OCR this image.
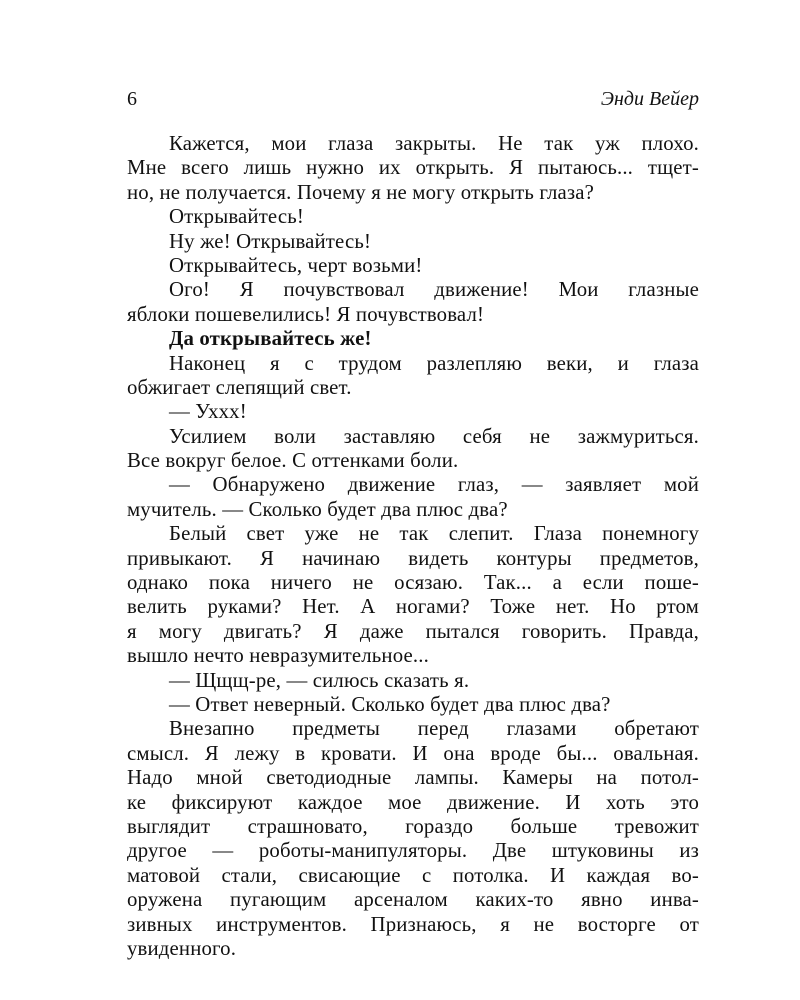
6	Энди Вейер
Кажется, мои глаза закрыты. Не так уж плохо.
Мне всего лишь нужно их открыть. Я пытаюсь... тщет-
но, не получается. Почему я не могу открыть глаза?
Открывайтесь!
Ну же! Открывайтесь!
Открывайтесь, черт возьми!
Ого! Я почувствовал движение! Мои глазные
яблоки пошевелились! Я почувствовал!
Да открывайтесь же!
Наконец я с трудом разлепляю веки, и глаза
обжигает слепящий свет.
— Уххх!
Усилием воли заставляю себя не зажмуриться.
Все вокруг белое. С оттенками боли.
— Обнаружено движение глаз, — заявляет мой
мучитель. — Сколько будет два плюс два?
Белый свет уже не так слепит. Глаза понемногу
привыкают. Я начинаю видеть контуры предметов,
однако пока ничего не осязаю. Так... а если поше-
велить руками? Нет. А ногами? Тоже нет. Но ртом
я могу двигать? Я даже пытался говорить. Правда,
вышло нечто невразумительное...
— Щщщ-ре, — силюсь сказать я.
— Ответ неверный. Сколько будет два плюс два?
Внезапно предметы перед глазами обретают
смысл. Я лежу в кровати. И она вроде бы... овальная.
Надо мной светодиодные лампы. Камеры на потол-
ке фиксируют каждое мое движение. И хоть это
выглядит страшновато, гораздо больше тревожит
другое — роботы-манипуляторы. Две штуковины из
матовой стали, свисающие с потолка. И каждая во-
оружена пугающим арсеналом каких-то явно инва-
зивных инструментов. Признаюсь, я не восторге от
увиденного.
